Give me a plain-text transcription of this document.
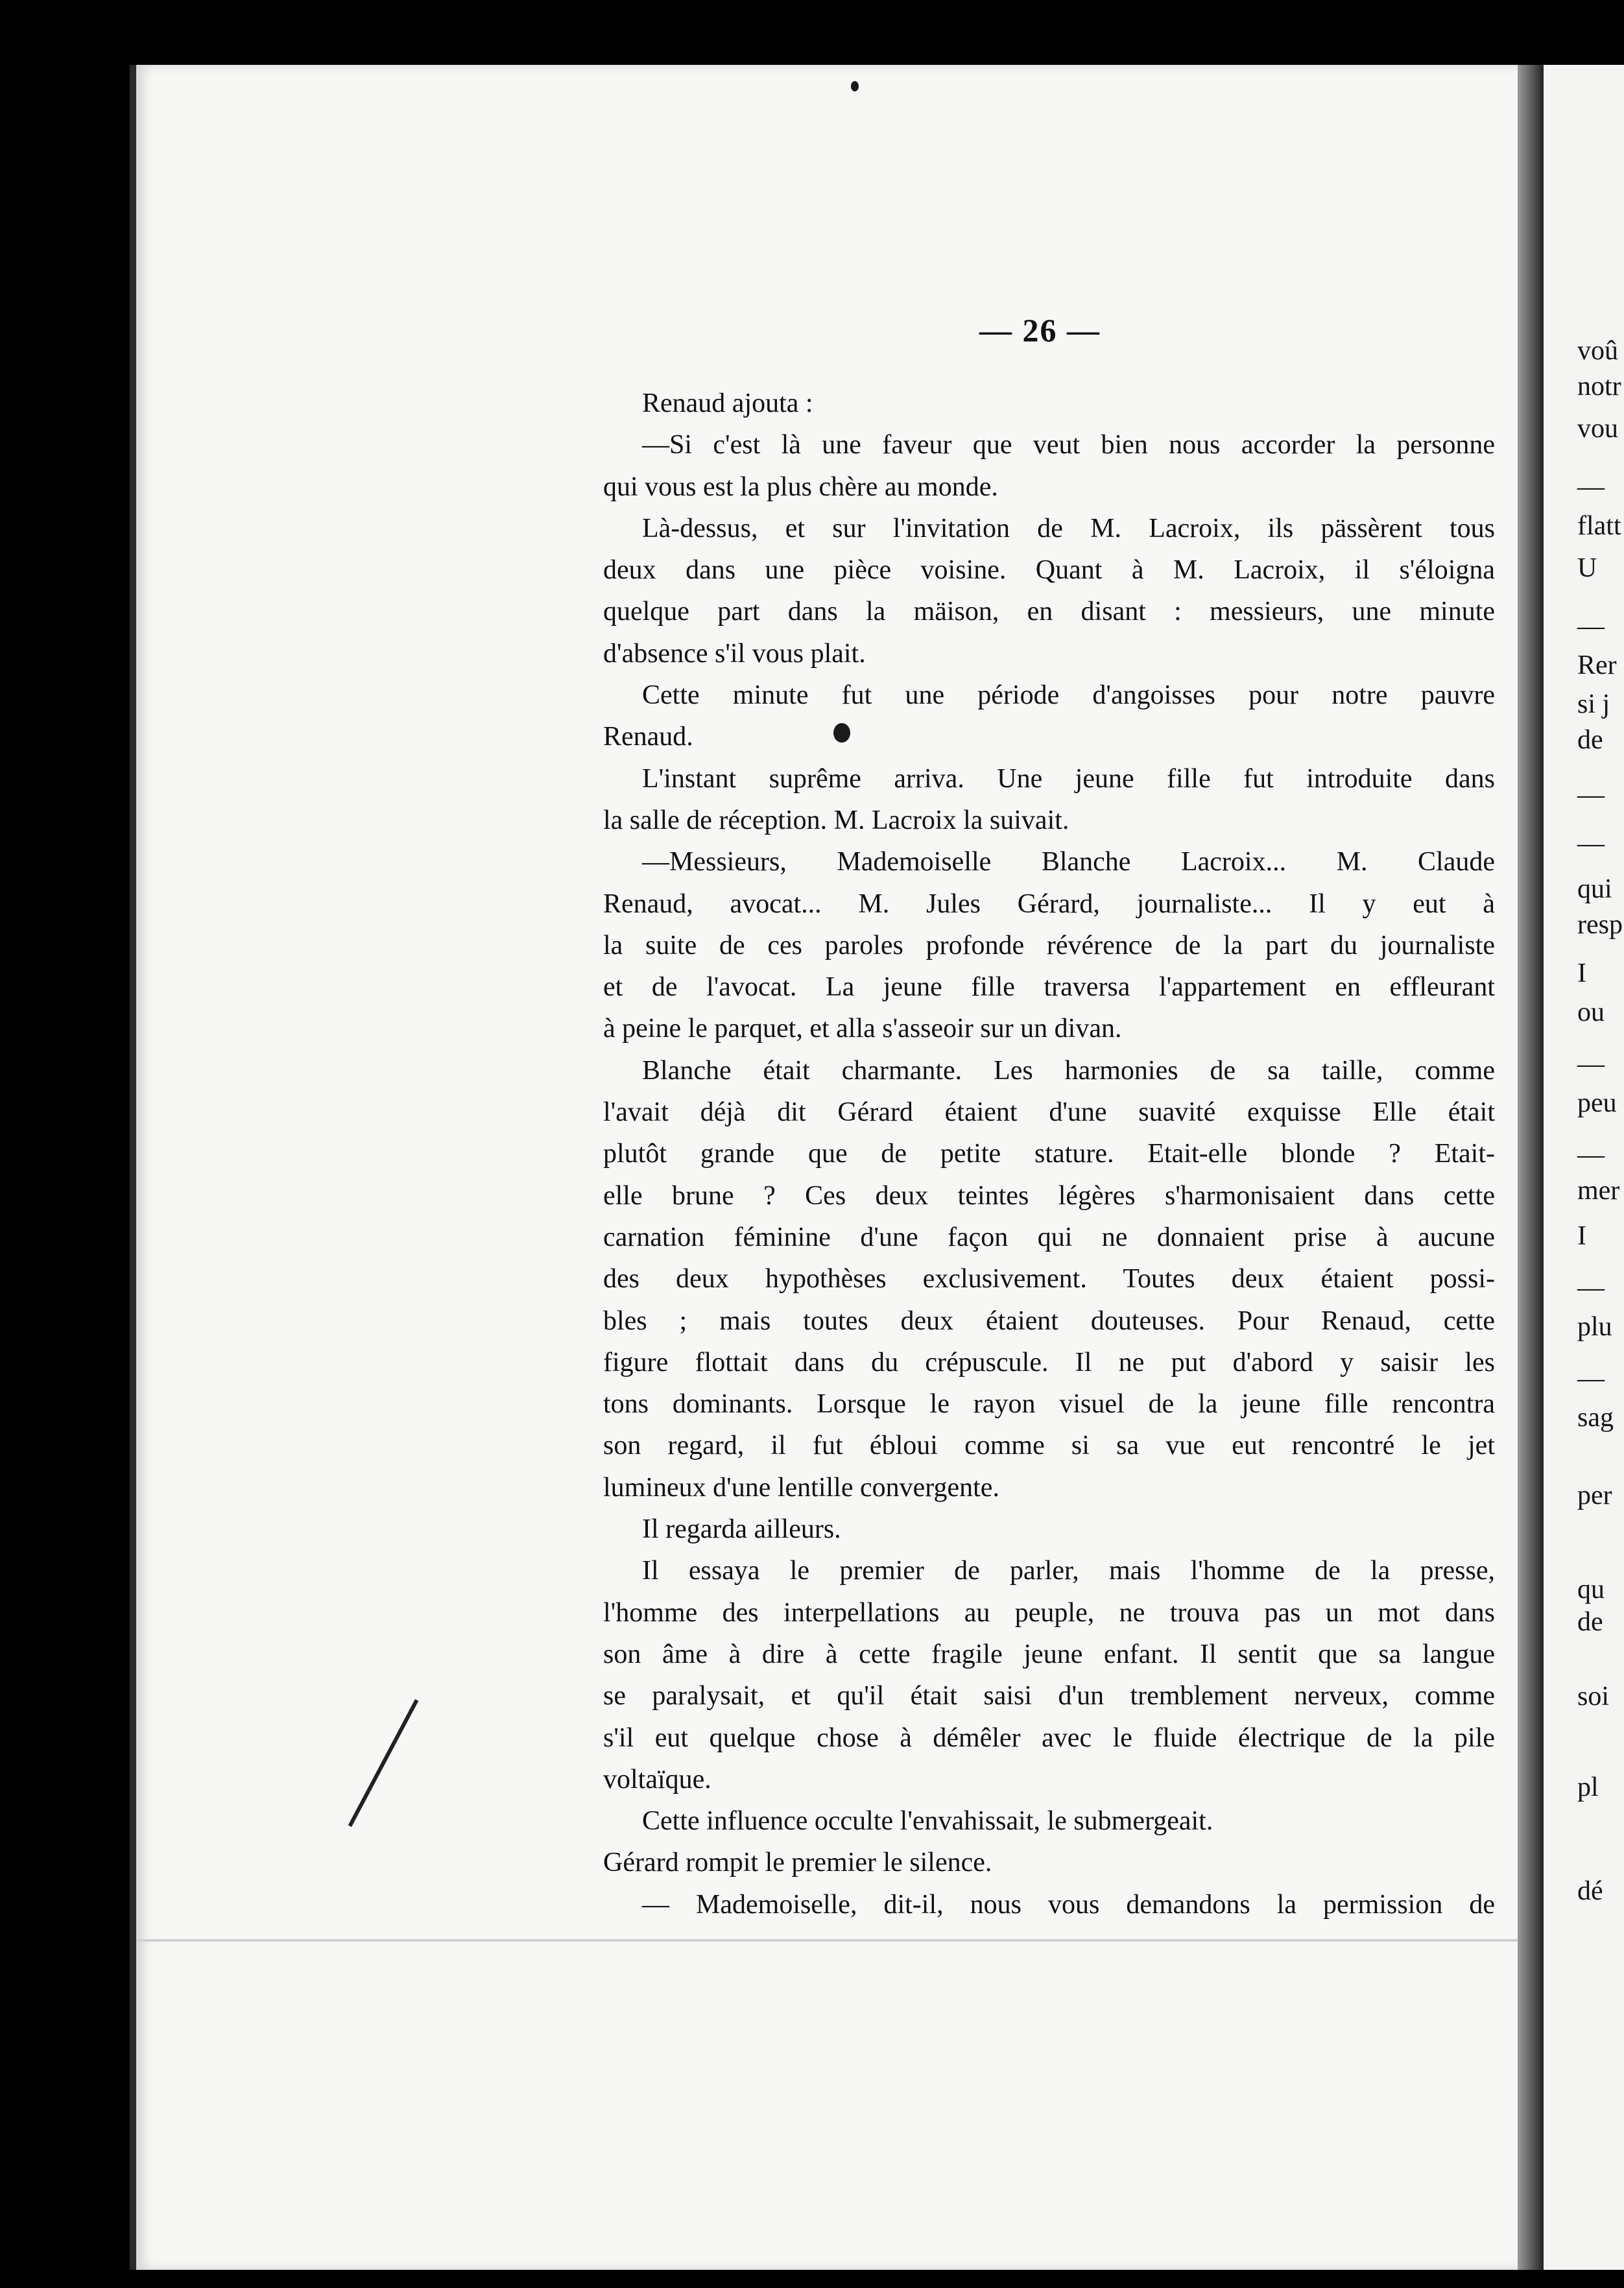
voû
notr
vou
—
flatt
U
—
Rer
si j
de
—
—
qui
resp
I
ou
—
peu
—
mer
I
—
plu
—
sag
per
qu
de
soi
pl
dé
— 26 —
Renaud ajouta :
—Si c'est là une faveur que veut bien nous accorder la personne
qui vous est la plus chère au monde.
Là-dessus, et sur l'invitation de M. Lacroix, ils pässèrent tous
deux dans une pièce voisine. Quant à M. Lacroix, il s'éloigna
quelque part dans la mäison, en disant : messieurs, une minute
d'absence s'il vous plait.
Cette minute fut une période d'angoisses pour notre pauvre
Renaud.
L'instant suprême arriva. Une jeune fille fut introduite dans
la salle de réception. M. Lacroix la suivait.
—Messieurs, Mademoiselle Blanche Lacroix... M. Claude
Renaud, avocat... M. Jules Gérard, journaliste... Il y eut à
la suite de ces paroles profonde révérence de la part du journaliste
et de l'avocat. La jeune fille traversa l'appartement en effleurant
à peine le parquet, et alla s'asseoir sur un divan.
Blanche était charmante. Les harmonies de sa taille, comme
l'avait déjà dit Gérard étaient d'une suavité exquisse Elle était
plutôt grande que de petite stature. Etait-elle blonde ? Etait-
elle brune ? Ces deux teintes légères s'harmonisaient dans cette
carnation féminine d'une façon qui ne donnaient prise à aucune
des deux hypothèses exclusivement. Toutes deux étaient possi-
bles ; mais toutes deux étaient douteuses. Pour Renaud, cette
figure flottait dans du crépuscule. Il ne put d'abord y saisir les
tons dominants. Lorsque le rayon visuel de la jeune fille rencontra
son regard, il fut ébloui comme si sa vue eut rencontré le jet
lumineux d'une lentille convergente.
Il regarda ailleurs.
Il essaya le premier de parler, mais l'homme de la presse,
l'homme des interpellations au peuple, ne trouva pas un mot dans
son âme à dire à cette fragile jeune enfant. Il sentit que sa langue
se paralysait, et qu'il était saisi d'un tremblement nerveux, comme
s'il eut quelque chose à démêler avec le fluide électrique de la pile
voltaïque.
Cette influence occulte l'envahissait, le submergeait.
Gérard rompit le premier le silence.
— Mademoiselle, dit-il, nous vous demandons la permission de
